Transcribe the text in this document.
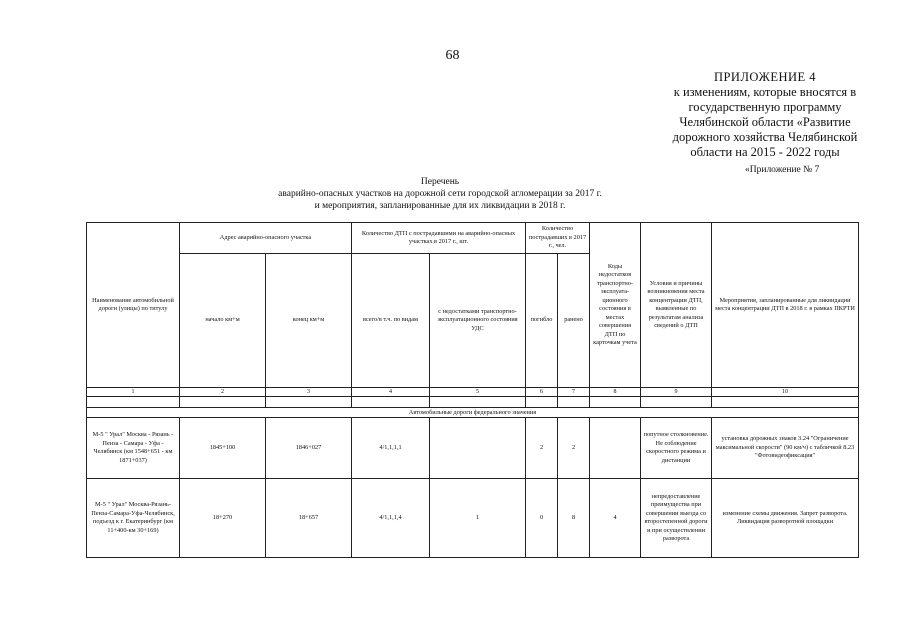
68
ПРИЛОЖЕНИЕ 4
к изменениям, которые вносятся в
государственную программу
Челябинской области «Развитие
дорожного хозяйства Челябинской
области на 2015 - 2022 годы
«Приложение № 7
Перечень
аварийно-опасных участков на дорожной сети городской агломерации за 2017 г.
и мероприятия, запланированные для их ликвидации в 2018 г.
Наименование автомобильной дороги (улицы) по титулу	Адрес аварийно-опасного участка		Количество ДТП с пострадавшими на аварийно-опасных участках в 2017 г., шт.		Количество пострадавших в 2017 г., чел.		Коды недостатков транспортно-эксплуата-ционного состояния в местах совершения ДТП по карточкам учета	Условия и причины возникновения места концентрации ДТП, выявленные по результатам анализа сведений о ДТП	Мероприятия, запланированные для ликвидации места концентрации ДТП в 2018 г. в рамках ПКРТИ
	начало км+м	конец км+м	всего/в т.ч. по видам	с недостатками транспортно-эксплуатационного состояния УДС	погибло	ранено			
1	2	3	4	5	6	7	8	9	10

Автомобильные дороги федерального значения									
М-5 " Урал" Москва - Рязань - Пенза - Самара - Уфа - Челябинск (км 1548+651 - км 1871+037)	1845+100	1846+027	4/1,1,1,1		2	2		попутное столкновение. Не соблюдение скоростного режима и дистанции	установка дорожных знаков 3.24 "Ограничение максимальной скорости" (90 км/ч) с табличкой 8.23 "Фотовидеофиксация"
М-5 " Урал" Москва-Рязань-Пенза-Самара-Уфа-Челябинск, подъезд к г. Екатеринбург (км 11+400-км 30+169)	18+270	18+657	4/1,1,1,4	1	0	8	4	непредоставление преимущества при совершении выезда со второстепенной дороги и при осуществлении разворота	изменение схемы движения. Запрет разворота. Ликвидация разворотной площадки
